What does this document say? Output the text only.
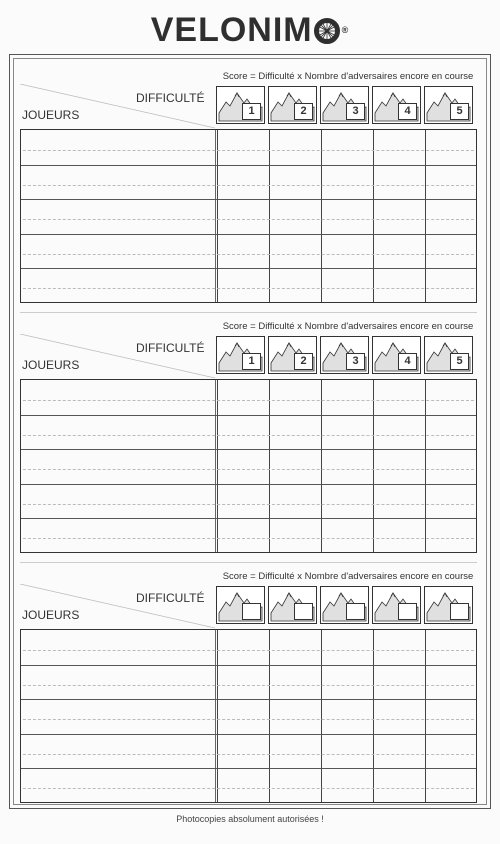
VELONIM	®
Score = Difficulté x Nombre d'adversaires encore en course
DIFFICULTÉ
JOUEURS	1	2	3	4	5
Score = Difficulté x Nombre d'adversaires encore en course
DIFFICULTÉ
JOUEURS	1	2	3	4	5
Score = Difficulté x Nombre d'adversaires encore en course
DIFFICULTÉ
JOUEURS
Photocopies absolument autorisées !
